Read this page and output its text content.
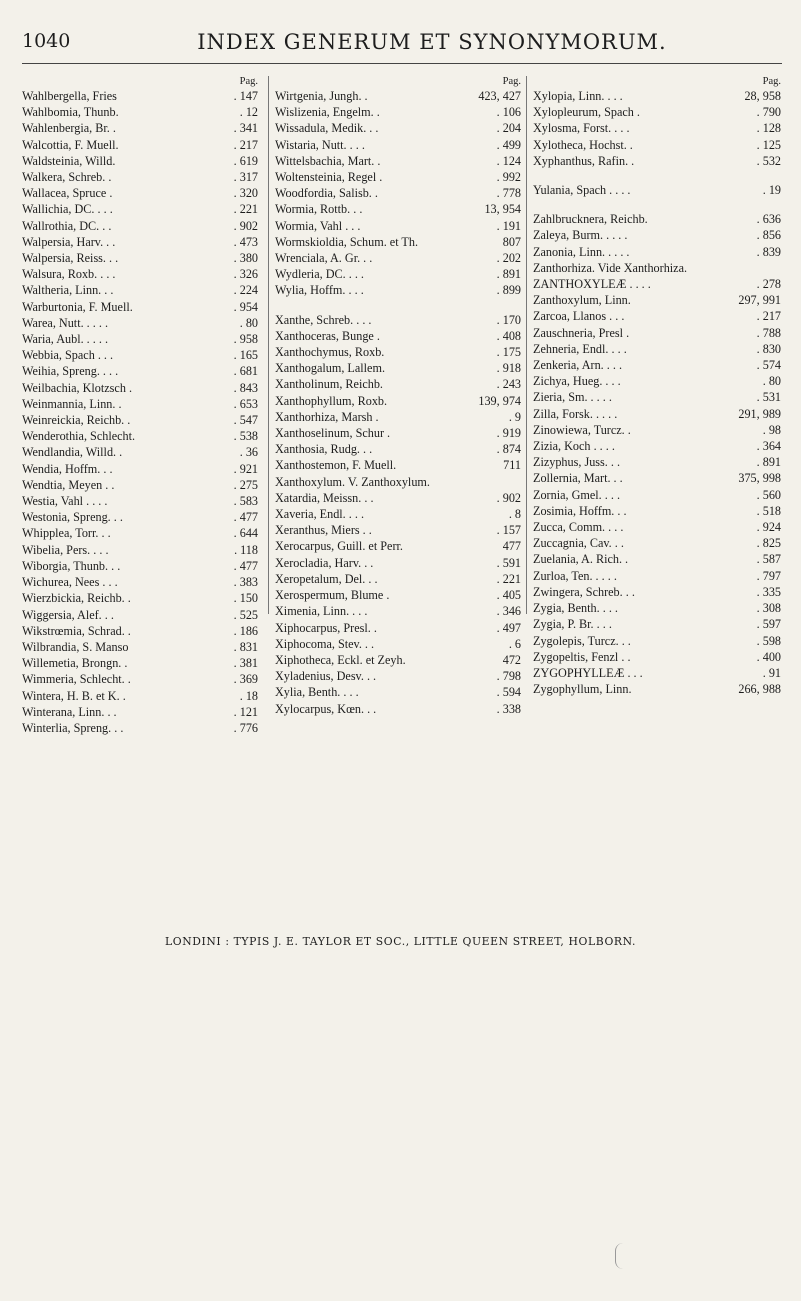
1040	INDEX GENERUM ET SYNONYMORUM.
Pag.
Wahlbergella, Fries	. 147
Wahlbomia, Thunb.	. 12
Wahlenbergia, Br. .	. 341
Walcottia, F. Muell.	. 217
Waldsteinia, Willd.	. 619
Walkera, Schreb. .	. 317
Wallacea, Spruce .	. 320
Wallichia, DC. . . .	. 221
Wallrothia, DC. . .	. 902
Walpersia, Harv. . .	. 473
Walpersia, Reiss. . .	. 380
Walsura, Roxb. . . .	. 326
Waltheria, Linn. . .	. 224
Warburtonia, F. Muell.	. 954
Warea, Nutt. . . . .	. 80
Waria, Aubl. . . . .	. 958
Webbia, Spach . . .	. 165
Weihia, Spreng. . . .	. 681
Weilbachia, Klotzsch .	. 843
Weinmannia, Linn. .	. 653
Weinreickia, Reichb. .	. 547
Wenderothia, Schlecht.	. 538
Wendlandia, Willd. .	. 36
Wendia, Hoffm. . .	. 921
Wendtia, Meyen . .	. 275
Westia, Vahl . . . .	. 583
Westonia, Spreng. . .	. 477
Whipplea, Torr. . .	. 644
Wibelia, Pers. . . .	. 118
Wiborgia, Thunb. . .	. 477
Wichurea, Nees . . .	. 383
Wierzbickia, Reichb. .	. 150
Wiggersia, Alef. . .	. 525
Wikstrœmia, Schrad. .	. 186
Wilbrandia, S. Manso	. 831
Willemetia, Brongn. .	. 381
Wimmeria, Schlecht. .	. 369
Wintera, H. B. et K. .	. 18
Winterana, Linn. . .	. 121
Winterlia, Spreng. . .	. 776
Pag.
Wirtgenia, Jungh. .	423, 427
Wislizenia, Engelm. .	. 106
Wissadula, Medik. . .	. 204
Wistaria, Nutt. . . .	. 499
Wittelsbachia, Mart. .	. 124
Woltensteinia, Regel .	. 992
Woodfordia, Salisb. .	. 778
Wormia, Rottb. . .	13, 954
Wormia, Vahl . . .	. 191
Wormskioldia, Schum. et Th.	807
Wrenciala, A. Gr. . .	. 202
Wydleria, DC. . . .	. 891
Wylia, Hoffm. . . .	. 899
Xanthe, Schreb. . . .	. 170
Xanthoceras, Bunge .	. 408
Xanthochymus, Roxb.	. 175
Xanthogalum, Lallem.	. 918
Xantholinum, Reichb.	. 243
Xanthophyllum, Roxb.	139, 974
Xanthorhiza, Marsh .	. 9
Xanthoselinum, Schur .	. 919
Xanthosia, Rudg. . .	. 874
Xanthostemon, F. Muell.	711
Xanthoxylum. V. Zanthoxylum.
Xatardia, Meissn. . .	. 902
Xaveria, Endl. . . .	. 8
Xeranthus, Miers . .	. 157
Xerocarpus, Guill. et Perr.	477
Xerocladia, Harv. . .	. 591
Xeropetalum, Del. . .	. 221
Xerospermum, Blume .	. 405
Ximenia, Linn. . . .	. 346
Xiphocarpus, Presl. .	. 497
Xiphocoma, Stev. . .	. 6
Xiphotheca, Eckl. et Zeyh.	472
Xyladenius, Desv. . .	. 798
Xylia, Benth. . . .	. 594
Xylocarpus, Kœn. . .	. 338
Pag.
Xylopia, Linn. . . .	28, 958
Xylopleurum, Spach .	. 790
Xylosma, Forst. . . .	. 128
Xylotheca, Hochst. .	. 125
Xyphanthus, Rafin. .	. 532
Yulania, Spach . . . .	. 19
Zahlbrucknera, Reichb.	. 636
Zaleya, Burm. . . . .	. 856
Zanonia, Linn. . . . .	. 839
Zanthorhiza. Vide Xanthorhiza.
ZANTHOXYLEÆ . . . .	. 278
Zanthoxylum, Linn.	297, 991
Zarcoa, Llanos . . .	. 217
Zauschneria, Presl .	. 788
Zehneria, Endl. . . .	. 830
Zenkeria, Arn. . . .	. 574
Zichya, Hueg. . . .	. 80
Zieria, Sm. . . . .	. 531
Zilla, Forsk. . . . .	291, 989
Zinowiewa, Turcz. .	. 98
Zizia, Koch . . . .	. 364
Zizyphus, Juss. . .	. 891
Zollernia, Mart. . .	375, 998
Zornia, Gmel. . . .	. 560
Zosimia, Hoffm. . .	. 518
Zucca, Comm. . . .	. 924
Zuccagnia, Cav. . .	. 825
Zuelania, A. Rich. .	. 587
Zurloa, Ten. . . . .	. 797
Zwingera, Schreb. . .	. 335
Zygia, Benth. . . .	. 308
Zygia, P. Br. . . .	. 597
Zygolepis, Turcz. . .	. 598
Zygopeltis, Fenzl . .	. 400
ZYGOPHYLLEÆ . . .	. 91
Zygophyllum, Linn.	266, 988
LONDINI : TYPIS J. E. TAYLOR ET SOC., LITTLE QUEEN STREET, HOLBORN.
